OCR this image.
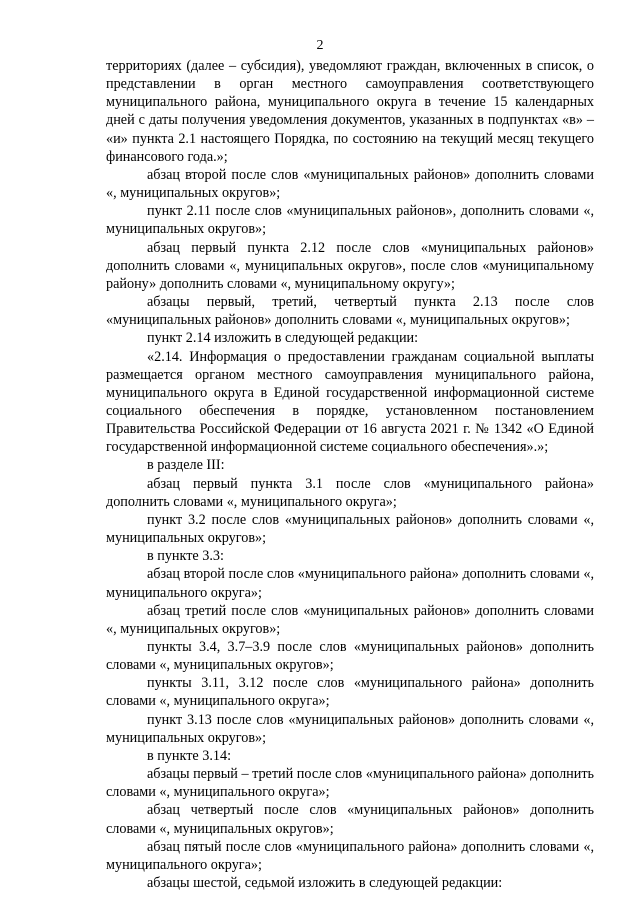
2

территориях (далее – субсидия), уведомляют граждан, включенных в список, о представлении в орган местного самоуправления соответствующего муниципального района, муниципального округа в течение 15 календарных дней с даты получения уведомления документов, указанных в подпунктах «в» – «и» пункта 2.1 настоящего Порядка, по состоянию на текущий месяц текущего финансового года.»;

абзац второй после слов «муниципальных районов» дополнить словами «, муниципальных округов»;

пункт 2.11 после слов «муниципальных районов», дополнить словами «, муниципальных округов»;

абзац первый пункта 2.12 после слов «муниципальных районов» дополнить словами «, муниципальных округов», после слов «муниципальному району» дополнить словами «, муниципальному округу»;

абзацы первый, третий, четвертый пункта 2.13 после слов «муниципальных районов» дополнить словами «, муниципальных округов»;

пункт 2.14 изложить в следующей редакции:

«2.14. Информация о предоставлении гражданам социальной выплаты размещается органом местного самоуправления муниципального района, муниципального округа в Единой государственной информационной системе социального обеспечения в порядке, установленном постановлением Правительства Российской Федерации от 16 августа 2021 г. № 1342 «О Единой государственной информационной системе социального обеспечения».»;

в разделе III:

абзац первый пункта 3.1 после слов «муниципального района» дополнить словами «, муниципального округа»;

пункт 3.2 после слов «муниципальных районов» дополнить словами «, муниципальных округов»;

в пункте 3.3:

абзац второй после слов «муниципального района» дополнить словами «, муниципального округа»;

абзац третий после слов «муниципальных районов» дополнить словами «, муниципальных округов»;

пункты 3.4, 3.7–3.9 после слов «муниципальных районов» дополнить словами «, муниципальных округов»;

пункты 3.11, 3.12 после слов «муниципального района» дополнить словами «, муниципального округа»;

пункт 3.13 после слов «муниципальных районов» дополнить словами «, муниципальных округов»;

в пункте 3.14:

абзацы первый – третий после слов «муниципального района» дополнить словами «, муниципального округа»;

абзац четвертый после слов «муниципальных районов» дополнить словами «, муниципальных округов»;

абзац пятый после слов «муниципального района» дополнить словами «, муниципального округа»;

абзацы шестой, седьмой изложить в следующей редакции:
